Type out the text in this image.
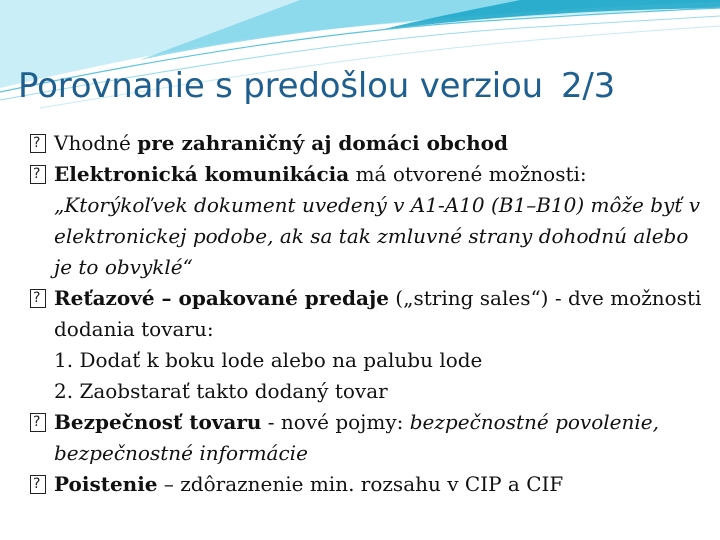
Porovnanie s predošlou verziou 2/3
?
Vhodné pre zahraničný aj domáci obchod
?
Elektronická komunikácia má otvorené možnosti: „Ktorýkoľvek dokument uvedený v A1-A10 (B1–B10) môže byť v elektronickej podobe, ak sa tak zmluvné strany dohodnú alebo je to obvyklé“
?
Reťazové – opakované predaje („string sales“) - dve možnosti dodania tovaru:
1. Dodať k boku lode alebo na palubu lode
2. Zaobstarať takto dodaný tovar
?
Bezpečnosť tovaru - nové pojmy: bezpečnostné povolenie, bezpečnostné informácie
?
Poistenie – zdôraznenie min. rozsahu v CIP a CIF
